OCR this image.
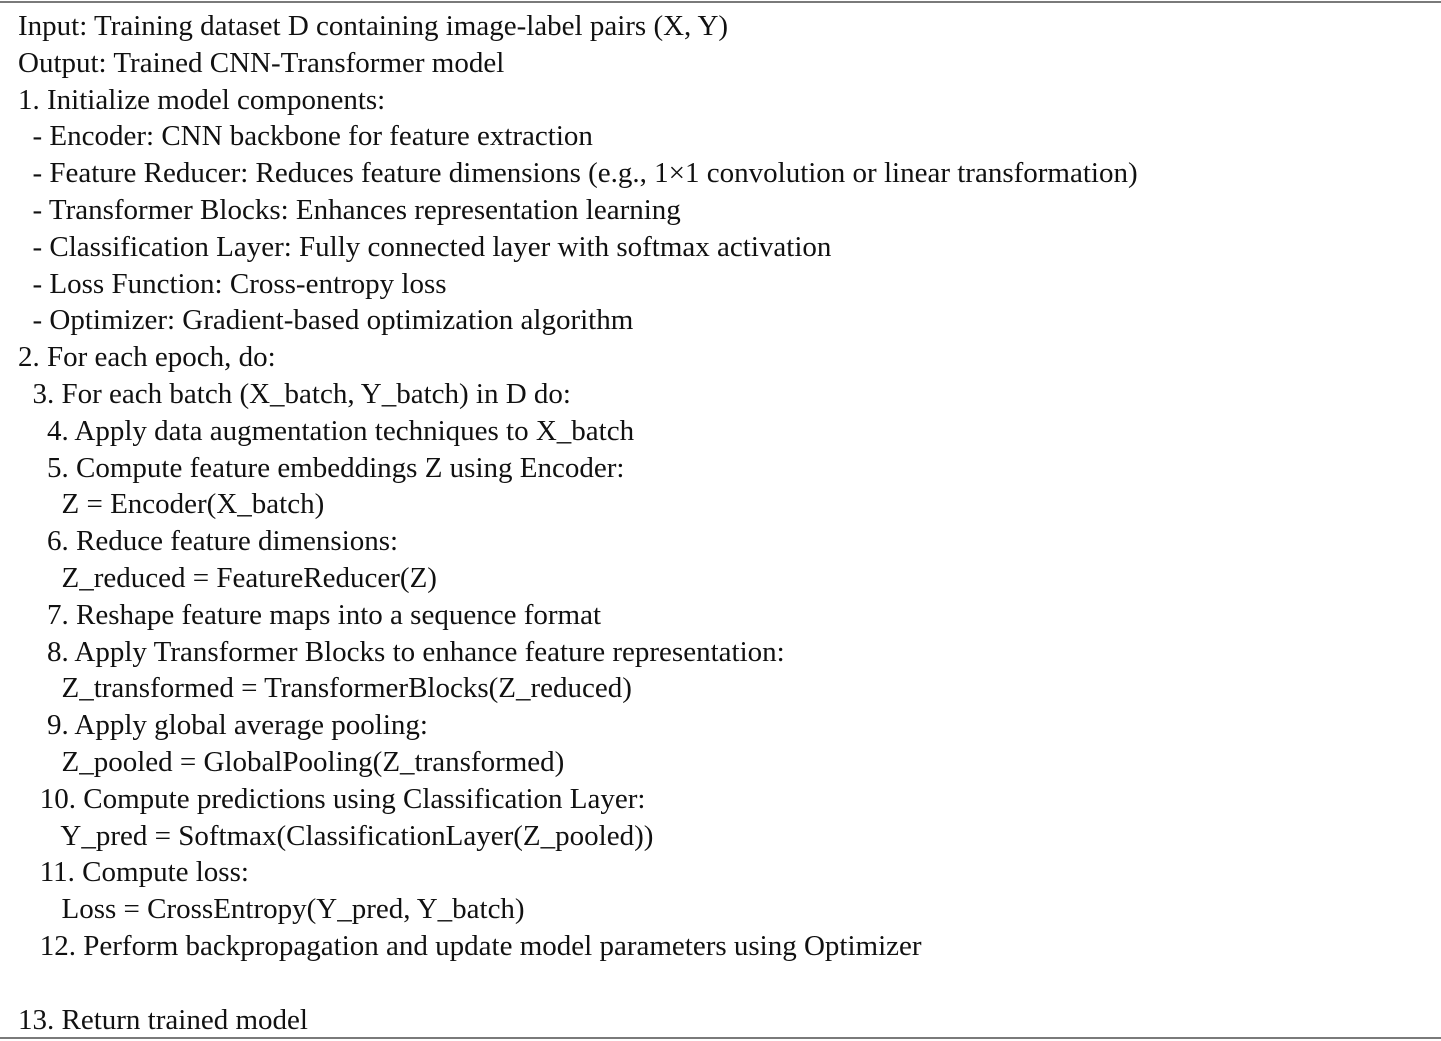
Input: Training dataset D containing image-label pairs (X, Y)
Output: Trained CNN-Transformer model
1. Initialize model components:
- Encoder: CNN backbone for feature extraction
- Feature Reducer: Reduces feature dimensions (e.g., 1×1 convolution or linear transformation)
- Transformer Blocks: Enhances representation learning
- Classification Layer: Fully connected layer with softmax activation
- Loss Function: Cross-entropy loss
- Optimizer: Gradient-based optimization algorithm
2. For each epoch, do:
3. For each batch (X_batch, Y_batch) in D do:
4. Apply data augmentation techniques to X_batch
5. Compute feature embeddings Z using Encoder:
Z = Encoder(X_batch)
6. Reduce feature dimensions:
Z_reduced = FeatureReducer(Z)
7. Reshape feature maps into a sequence format
8. Apply Transformer Blocks to enhance feature representation:
Z_transformed = TransformerBlocks(Z_reduced)
9. Apply global average pooling:
Z_pooled = GlobalPooling(Z_transformed)
10. Compute predictions using Classification Layer:
Y_pred = Softmax(ClassificationLayer(Z_pooled))
11. Compute loss:
Loss = CrossEntropy(Y_pred, Y_batch)
12. Perform backpropagation and update model parameters using Optimizer
13. Return trained model
